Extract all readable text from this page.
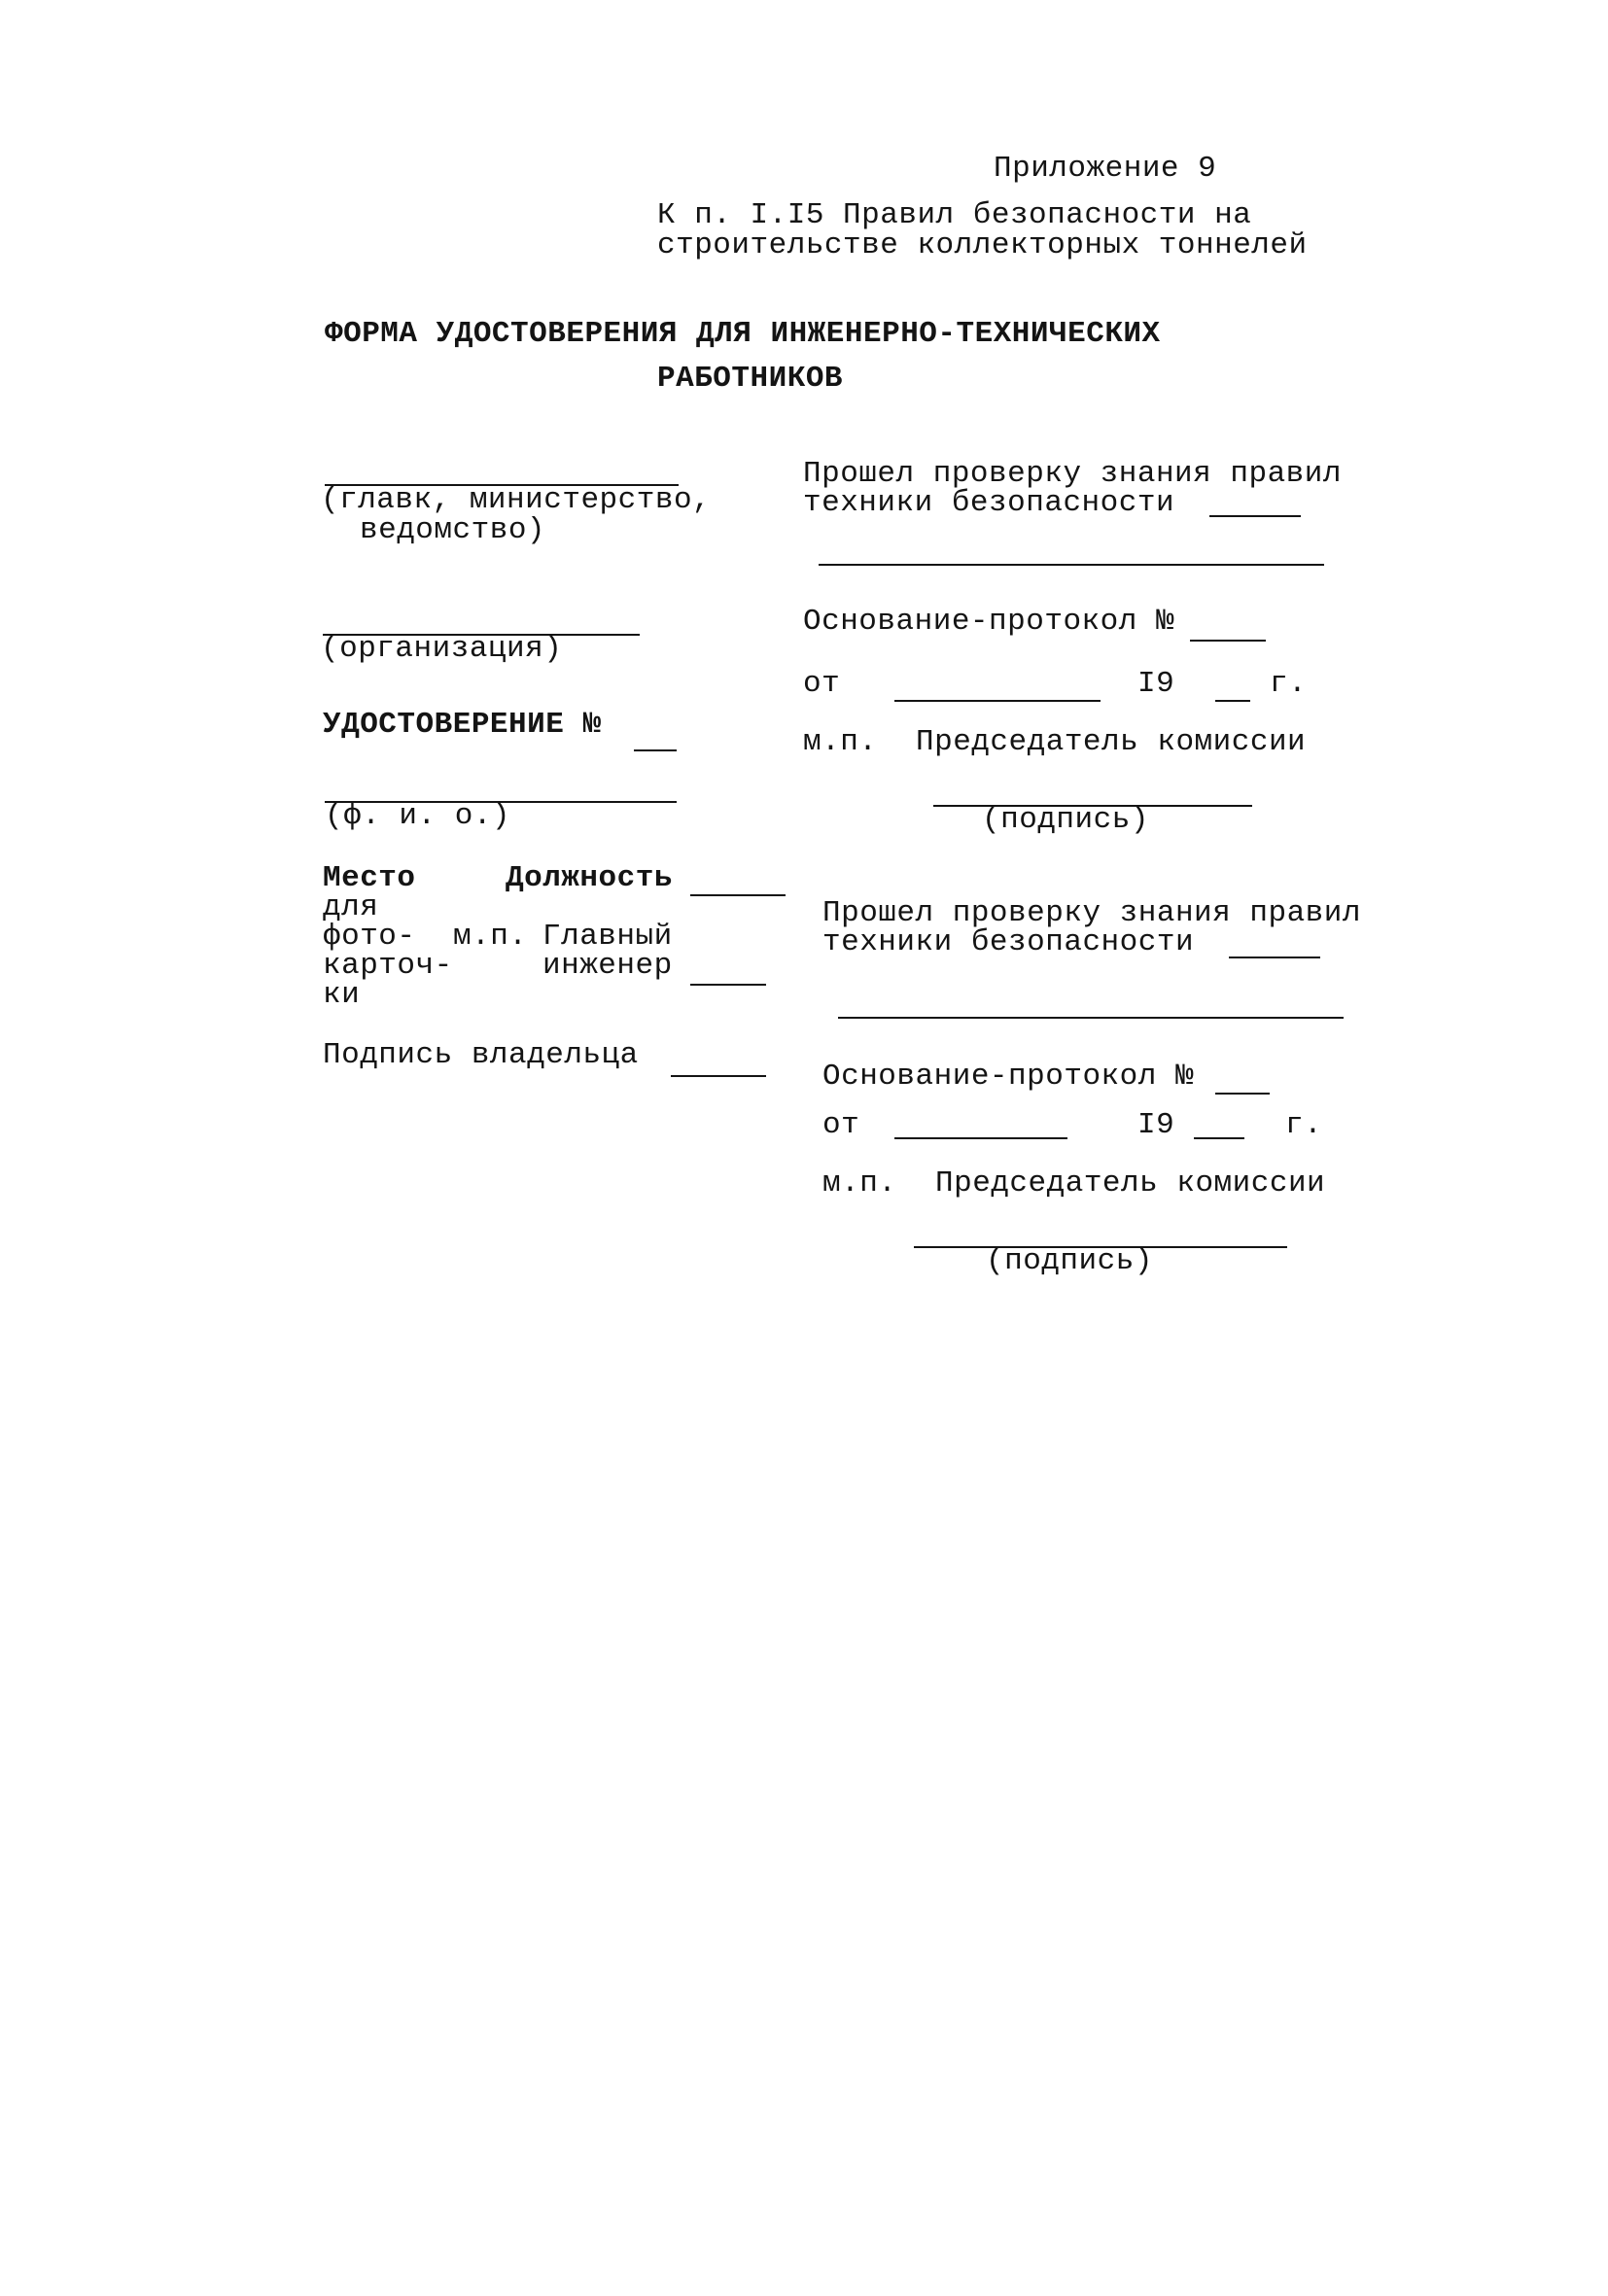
Приложение 9
К п. I.I5 Правил безопасности на
строительстве коллекторных тоннелей
ФОРМА УДОСТОВЕРЕНИЯ ДЛЯ ИНЖЕНЕРНО-ТЕХНИЧЕСКИХ
РАБОТНИКОВ
(главк, министерство,
ведомство)
(организация)
УДОСТОВЕРЕНИЕ №
(ф. и. о.)
Место
для
фото-
карточ-
ки
Должность
м.п. Главный
инженер
Подпись владельца
Прошел проверку знания правил
техники безопасности
Основание-протокол №
от	I9	г.
м.п. Председатель комиссии
(подпись)
Прошел проверку знания правил
техники безопасности
Основание-протокол №
от	I9	г.
м.п. Председатель комиссии
(подпись)
